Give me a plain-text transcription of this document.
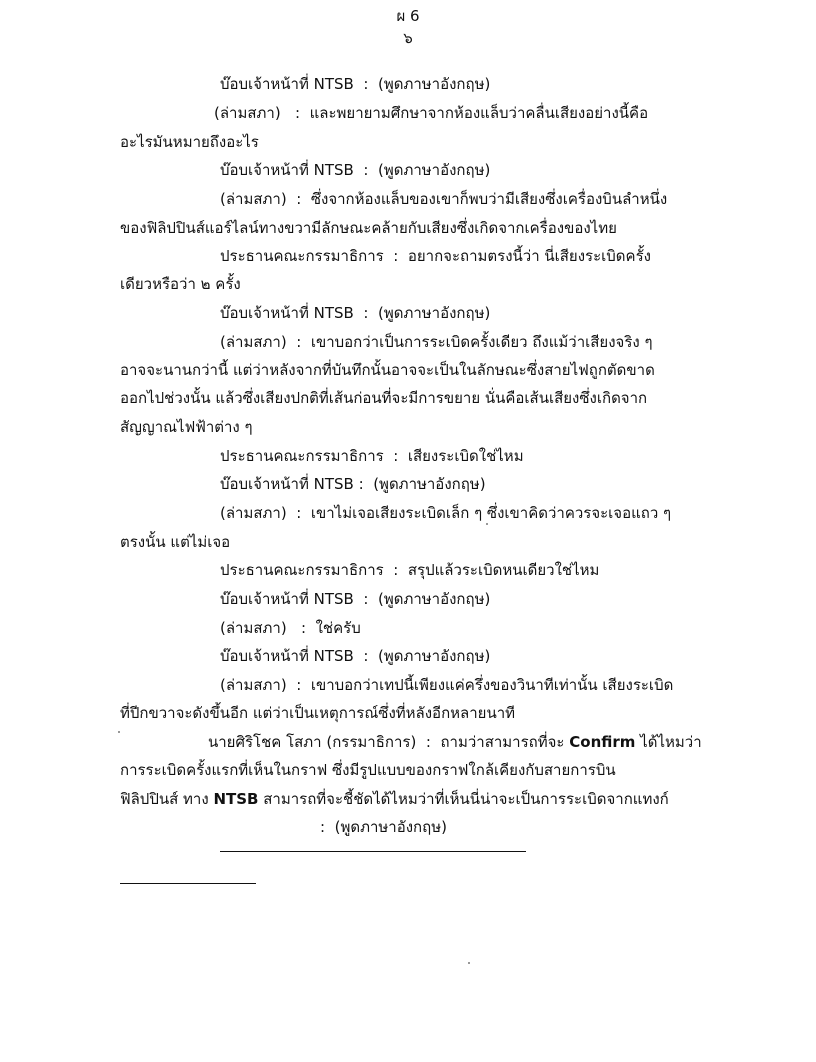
ผ 6
๖
บ๊อบเจ้าหน้าที่ NTSB : (พูดภาษาอังกฤษ)
(ล่ามสภา) : และพยายามศึกษาจากห้องแล็บว่าคลื่นเสียงอย่างนี้คือ
อะไรมันหมายถึงอะไร
บ๊อบเจ้าหน้าที่ NTSB : (พูดภาษาอังกฤษ)
(ล่ามสภา) : ซึ่งจากห้องแล็บของเขาก็พบว่ามีเสียงซึ่งเครื่องบินลำหนึ่ง
ของฟิลิปปินส์แอร์ไลน์ทางขวามีลักษณะคล้ายกับเสียงซึ่งเกิดจากเครื่องของไทย
ประธานคณะกรรมาธิการ : อยากจะถามตรงนี้ว่า นี่เสียงระเบิดครั้ง
เดียวหรือว่า ๒ ครั้ง
บ๊อบเจ้าหน้าที่ NTSB : (พูดภาษาอังกฤษ)
(ล่ามสภา) : เขาบอกว่าเป็นการระเบิดครั้งเดียว ถึงแม้ว่าเสียงจริง ๆ
อาจจะนานกว่านี้ แต่ว่าหลังจากที่บันทึกนั้นอาจจะเป็นในลักษณะซึ่งสายไฟถูกตัดขาด
ออกไปช่วงนั้น แล้วซึ่งเสียงปกติที่เส้นก่อนที่จะมีการขยาย นั่นคือเส้นเสียงซึ่งเกิดจาก
สัญญาณไฟฟ้าต่าง ๆ
ประธานคณะกรรมาธิการ : เสียงระเบิดใช่ไหม
บ๊อบเจ้าหน้าที่ NTSB : (พูดภาษาอังกฤษ)
(ล่ามสภา) : เขาไม่เจอเสียงระเบิดเล็ก ๆ ซึ่งเขาคิดว่าควรจะเจอแถว ๆ
ตรงนั้น แต่ไม่เจอ
ประธานคณะกรรมาธิการ : สรุปแล้วระเบิดหนเดียวใช่ไหม
บ๊อบเจ้าหน้าที่ NTSB : (พูดภาษาอังกฤษ)
(ล่ามสภา) : ใช่ครับ
บ๊อบเจ้าหน้าที่ NTSB : (พูดภาษาอังกฤษ)
(ล่ามสภา) : เขาบอกว่าเทปนี้เพียงแค่ครึ่งของวินาทีเท่านั้น เสียงระเบิด
ที่ปีกขวาจะดังขึ้นอีก แต่ว่าเป็นเหตุการณ์ซึ่งที่หลังอีกหลายนาที
นายศิริโชค โสภา (กรรมาธิการ) : ถามว่าสามารถที่จะ Confirm ได้ไหมว่า
การระเบิดครั้งแรกที่เห็นในกราฟ ซึ่งมีรูปแบบของกราฟใกล้เคียงกับสายการบิน
ฟิลิปปินส์ ทาง NTSB สามารถที่จะชี้ชัดได้ไหมว่าที่เห็นนี่น่าจะเป็นการระเบิดจากแทงก์
: (พูดภาษาอังกฤษ)
